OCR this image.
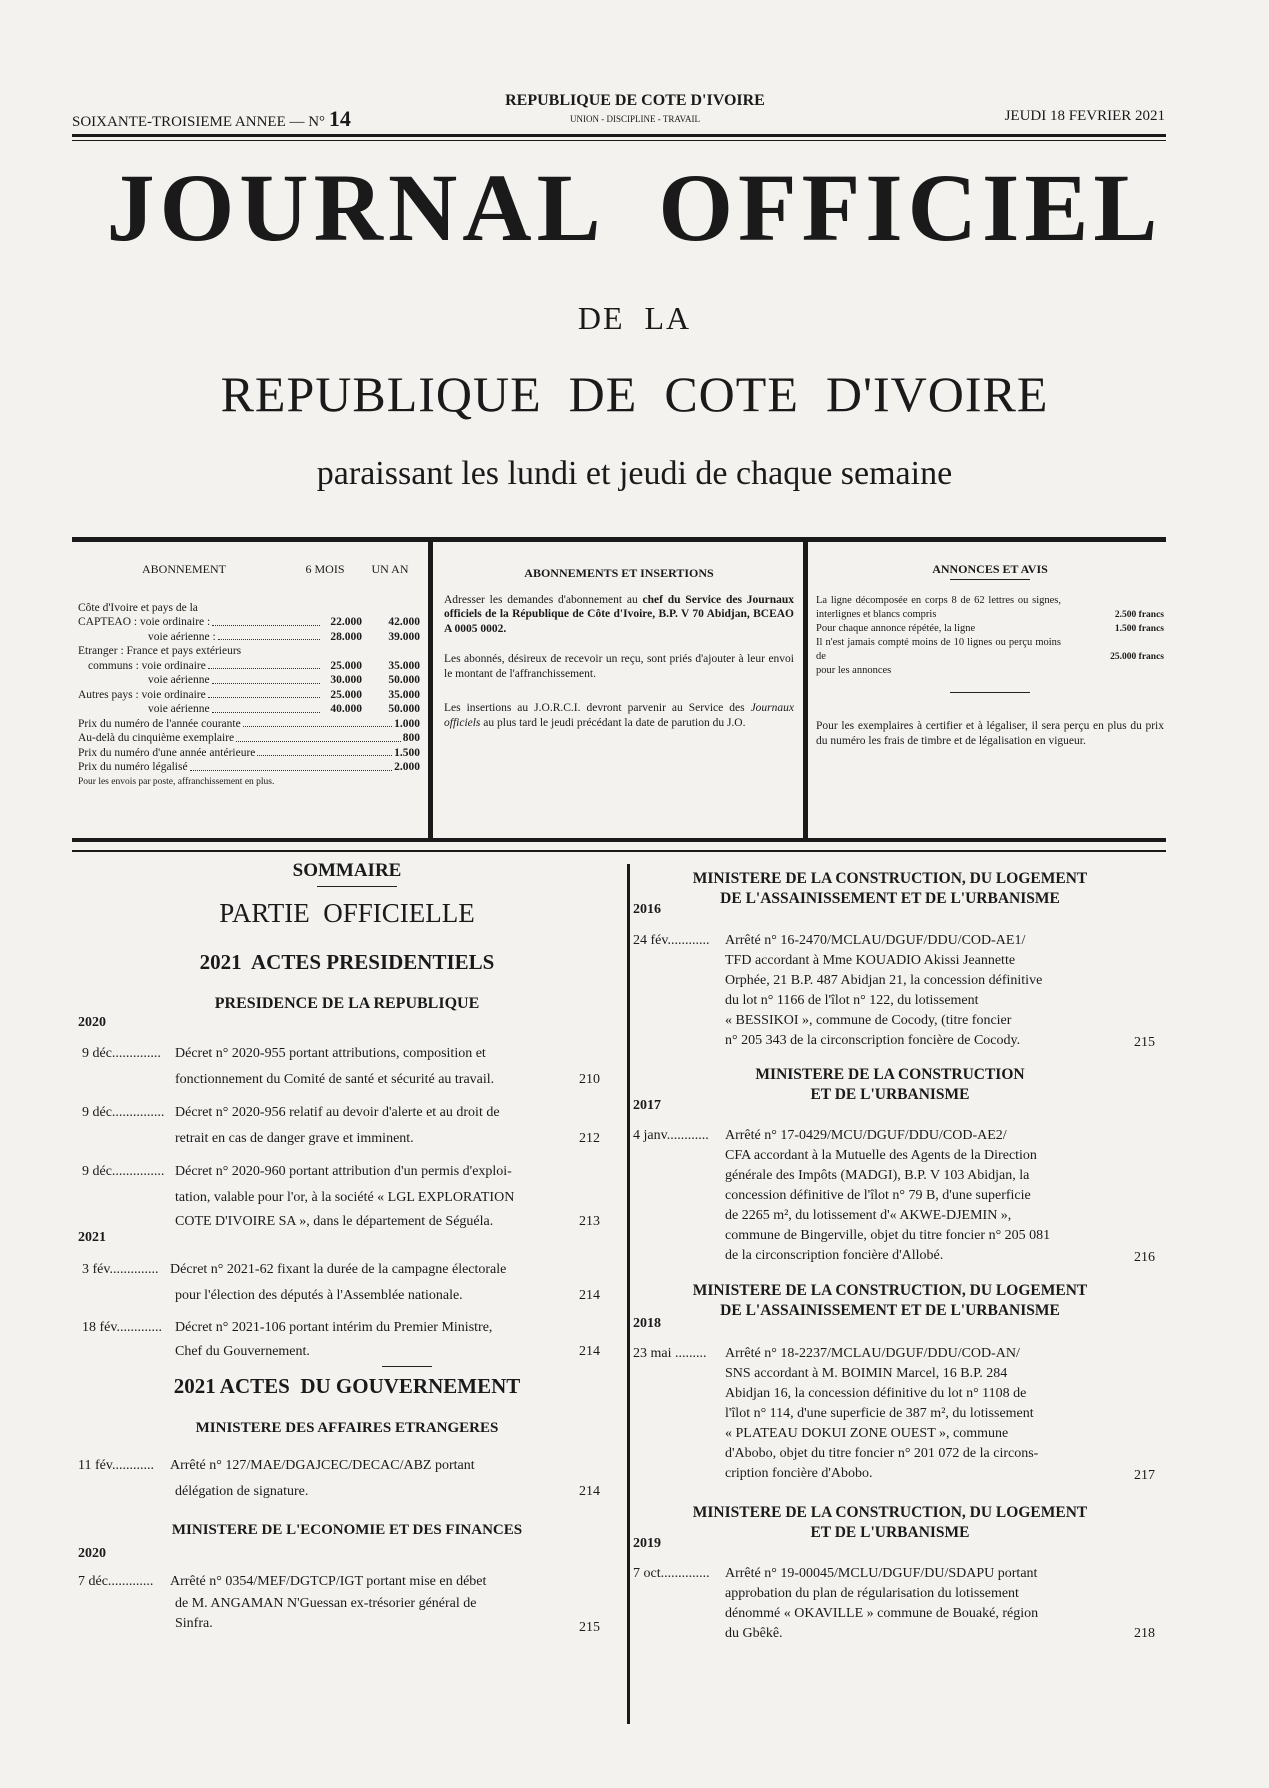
SOIXANTE-TROISIEME ANNEE — N° 14
REPUBLIQUE DE COTE D'IVOIRE
UNION - DISCIPLINE - TRAVAIL	JEUDI 18 FEVRIER 2021
JOURNAL  OFFICIEL
DE  LA
REPUBLIQUE  DE  COTE  D'IVOIRE
paraissant les lundi et jeudi de chaque semaine
ABONNEMENT	6 MOIS	UN AN
Côte d'Ivoire et pays de la
CAPTEAO : voie ordinaire :	22.000	42.000
voie aérienne :	28.000	39.000
Etranger : France et pays extérieurs
communs : voie ordinaire	25.000	35.000
voie aérienne	30.000	50.000
Autres pays : voie ordinaire	25.000	35.000
voie aérienne	40.000	50.000
Prix du numéro de l'année courante	1.000
Au-delà du cinquième exemplaire	800
Prix du numéro d'une année antérieure	1.500
Prix du numéro légalisé	2.000
Pour les envois par poste, affranchissement en plus.
ABONNEMENTS ET INSERTIONS
Adresser les demandes d'abonnement au chef du Service des Journaux officiels de la République de Côte d'Ivoire, B.P. V 70 Abidjan, BCEAO A 0005 0002.
Les abonnés, désireux de recevoir un reçu, sont priés d'ajouter à leur envoi le montant de l'affranchissement.
Les insertions au J.O.R.C.I. devront parvenir au Service des Journaux officiels au plus tard le jeudi précédant la date de parution du J.O.
ANNONCES ET AVIS
La ligne décomposée en corps 8 de 62 lettres ou signes, interlignes et blancs compris	2.500 francs
Pour chaque annonce répétée, la ligne	1.500 francs
Il n'est jamais compté moins de 10 lignes ou perçu moins de	25.000 francs
pour les annonces
Pour les exemplaires à certifier et à légaliser, il sera perçu en plus du prix du numéro les frais de timbre et de légalisation en vigueur.
SOMMAIRE
PARTIE  OFFICIELLE
2021  ACTES PRESIDENTIELS
PRESIDENCE DE LA REPUBLIQUE
2020
9 déc..............	Décret n° 2020-955 portant attributions, composition et
fonctionnement du Comité de santé et sécurité au travail.	210
9 déc............... Décret n° 2020-956 relatif au devoir d'alerte et au droit de
retrait en cas de danger grave et imminent.	212
9 déc............... Décret n° 2020-960 portant attribution d'un permis d'exploi-
tation, valable pour l'or, à la société « LGL EXPLORATION
COTE D'IVOIRE SA », dans le département de Séguéla.	213
2021
3 fév.............. Décret n° 2021-62 fixant la durée de la campagne électorale
pour l'élection des députés à l'Assemblée nationale.	214
18 fév............. Décret n° 2021-106 portant intérim du Premier Ministre,
Chef du Gouvernement.	214
2021 ACTES  DU GOUVERNEMENT
MINISTERE DES AFFAIRES ETRANGERES
11 fév............	Arrêté n° 127/MAE/DGAJCEC/DECAC/ABZ portant
délégation de signature.	214
MINISTERE DE L'ECONOMIE ET DES FINANCES
2020
7 déc.............	Arrêté n° 0354/MEF/DGTCP/IGT portant mise en débet
de M. ANGAMAN N'Guessan ex-trésorier général de
Sinfra.	215
MINISTERE DE LA CONSTRUCTION, DU LOGEMENT
DE L'ASSAINISSEMENT ET DE L'URBANISME
2016
24 fév............	Arrêté n° 16-2470/MCLAU/DGUF/DDU/COD-AE1/
TFD accordant à Mme KOUADIO Akissi Jeannette
Orphée, 21 B.P. 487 Abidjan 21, la concession définitive
du lot n° 1166 de l'îlot n° 122, du lotissement
« BESSIKOI », commune de Cocody, (titre foncier
n° 205 343 de la circonscription foncière de Cocody.	215
MINISTERE DE LA CONSTRUCTION
ET DE L'URBANISME
2017
4 janv............	Arrêté n° 17-0429/MCU/DGUF/DDU/COD-AE2/
CFA accordant à la Mutuelle des Agents de la Direction
générale des Impôts (MADGI), B.P. V 103 Abidjan, la
concession définitive de l'îlot n° 79 B, d'une superficie
de 2265 m², du lotissement d'« AKWE-DJEMIN »,
commune de Bingerville, objet du titre foncier n° 205 081
de la circonscription foncière d'Allobé.	216
MINISTERE DE LA CONSTRUCTION, DU LOGEMENT
DE L'ASSAINISSEMENT ET DE L'URBANISME
2018
23 mai .........	Arrêté n° 18-2237/MCLAU/DGUF/DDU/COD-AN/
SNS accordant à M. BOIMIN Marcel, 16 B.P. 284
Abidjan 16, la concession définitive du lot n° 1108 de
l'îlot n° 114, d'une superficie de 387 m², du lotissement
« PLATEAU DOKUI ZONE OUEST », commune
d'Abobo, objet du titre foncier n° 201 072 de la circons-
cription foncière d'Abobo.	217
MINISTERE DE LA CONSTRUCTION, DU LOGEMENT
ET DE L'URBANISME
2019
7 oct..............	Arrêté n° 19-00045/MCLU/DGUF/DU/SDAPU portant
approbation du plan de régularisation du lotissement
dénommé « OKAVILLE » commune de Bouaké, région
du Gbêkê.	218
